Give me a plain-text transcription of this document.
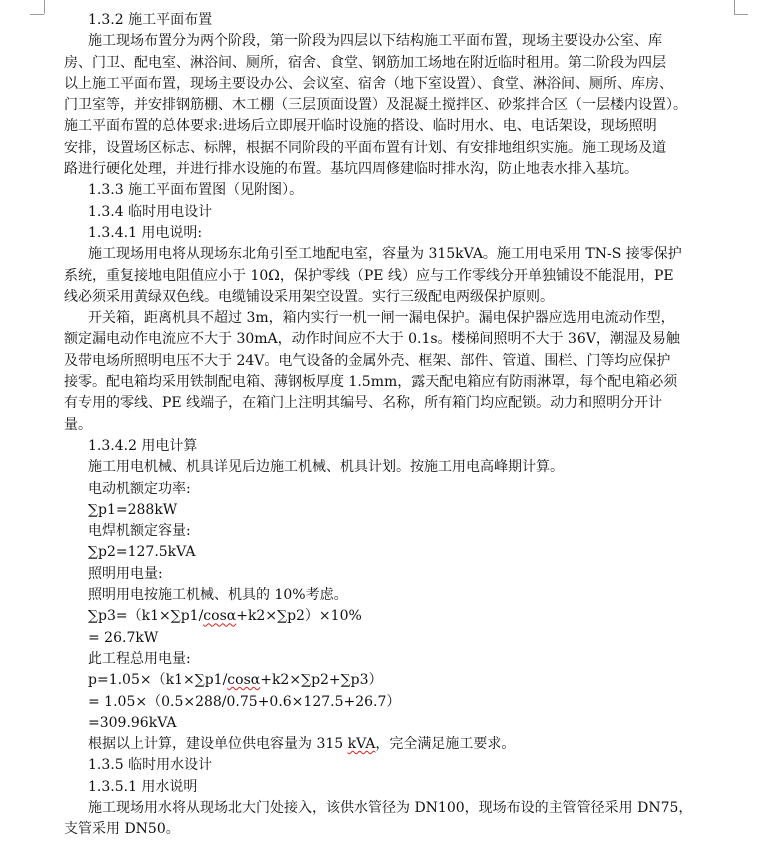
1.3.2 施工平面布置
施工现场布置分为两个阶段，第一阶段为四层以下结构施工平面布置，现场主要设办公室、库
房、门卫、配电室、淋浴间、厕所，宿舍、食堂、钢筋加工场地在附近临时租用。第二阶段为四层
以上施工平面布置，现场主要设办公、会议室、宿舍（地下室设置）、食堂、淋浴间、厕所、库房、
门卫室等，并安排钢筋棚、木工棚（三层顶面设置）及混凝土搅拌区、砂浆拌合区（一层楼内设置）。
施工平面布置的总体要求:进场后立即展开临时设施的搭设、临时用水、电、电话架设，现场照明
安排，设置场区标志、标牌，根据不同阶段的平面布置有计划、有安排地组织实施。施工现场及道
路进行硬化处理，并进行排水设施的布置。基坑四周修建临时排水沟，防止地表水排入基坑。
1.3.3 施工平面布置图（见附图）。
1.3.4 临时用电设计
1.3.4.1 用电说明:
施工现场用电将从现场东北角引至工地配电室，容量为 315kVA。施工用电采用 TN-S 接零保护
系统，重复接地电阻值应小于 10Ω，保护零线（PE 线）应与工作零线分开单独铺设不能混用，PE
线必须采用黄绿双色线。电缆铺设采用架空设置。实行三级配电两级保护原则。
开关箱，距离机具不超过 3m，箱内实行一机一闸一漏电保护。漏电保护器应选用电流动作型，
额定漏电动作电流应不大于 30mA，动作时间应不大于 0.1s。楼梯间照明不大于 36V，潮湿及易触
及带电场所照明电压不大于 24V。电气设备的金属外壳、框架、部件、管道、围栏、门等均应保护
接零。配电箱均采用铁制配电箱、薄钢板厚度 1.5mm，露天配电箱应有防雨淋罩，每个配电箱必须
有专用的零线、PE 线端子，在箱门上注明其编号、名称，所有箱门均应配锁。动力和照明分开计
量。
1.3.4.2 用电计算
施工用电机械、机具详见后边施工机械、机具计划。按施工用电高峰期计算。
电动机额定功率:
∑p1=288kW
电焊机额定容量:
∑p2=127.5kVA
照明用电量:
照明用电按施工机械、机具的 10%考虑。
∑p3=（k1×∑p1/cosα+k2×∑p2）×10%
= 26.7kW
此工程总用电量:
p=1.05×（k1×∑p1/cosα+k2×∑p2+∑p3）
= 1.05×（0.5×288/0.75+0.6×127.5+26.7）
=309.96kVA
根据以上计算，建设单位供电容量为 315 kVA，完全满足施工要求。
1.3.5 临时用水设计
1.3.5.1 用水说明
施工现场用水将从现场北大门处接入，该供水管径为 DN100，现场布设的主管管径采用 DN75，
支管采用 DN50。
